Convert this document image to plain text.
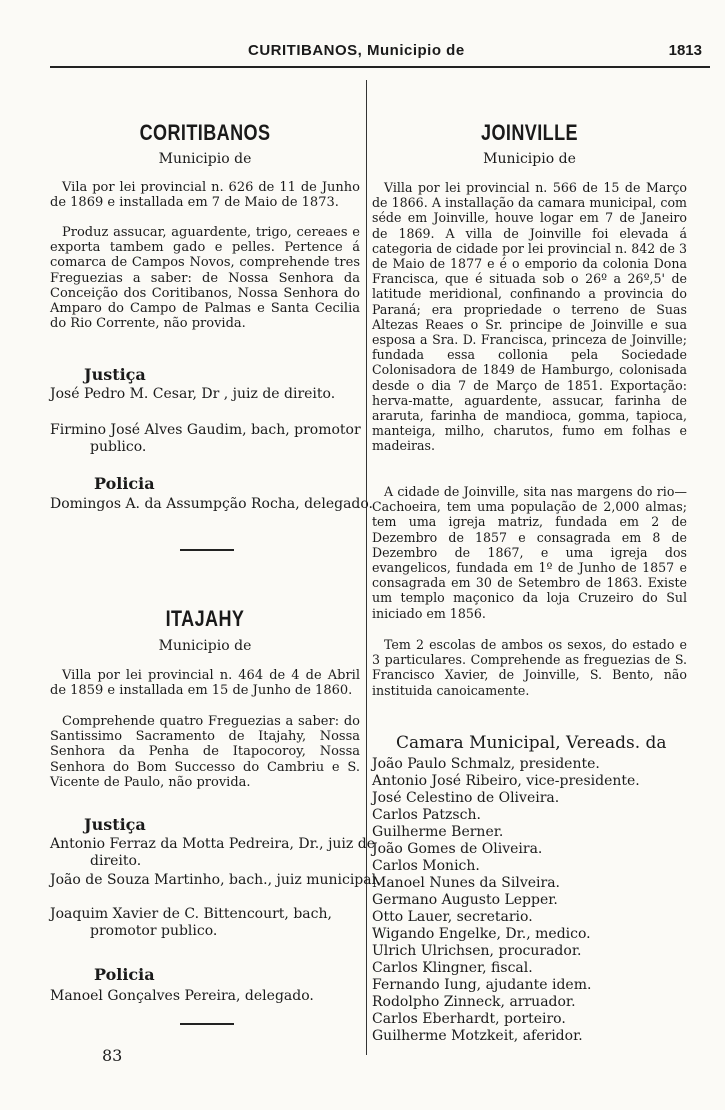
CURITIBANOS, Municipio de	1813
CORITIBANOS
Municipio de
Vila por lei provincial n. 626 de 11 de Junho de 1869 e installada em 7 de Maio de 1873.
Produz assucar, aguardente, trigo, cereaes e exporta tambem gado e pelles. Pertence á comarca de Campos Novos, comprehende tres Freguezias a saber: de Nossa Senhora da Conceição dos Coritibanos, Nossa Senhora do Amparo do Campo de Palmas e Santa Cecilia do Rio Corrente, não provida.
Justiça
José Pedro M. Cesar, Dr , juiz de direito.
Firmino José Alves Gaudim, bach, promotor publico.
Policia
Domingos A. da Assumpção Rocha, delegado.
ITAJAHY
Municipio de
Villa por lei provincial n. 464 de 4 de Abril de 1859 e installada em 15 de Junho de 1860.
Comprehende quatro Freguezias a saber: do Santissimo Sacramento de Itajahy, Nossa Senhora da Penha de Itapocoroy, Nossa Senhora do Bom Successo do Cambriu e S. Vicente de Paulo, não provida.
Justiça
Antonio Ferraz da Motta Pedreira, Dr., juiz de direito.
João de Souza Martinho, bach., juiz municipal.
Joaquim Xavier de C. Bittencourt, bach, promotor publico.
Policia
Manoel Gonçalves Pereira, delegado.
83
JOINVILLE
Municipio de
Villa por lei provincial n. 566 de 15 de Março de 1866. A installação da camara municipal, com séde em Joinville, houve logar em 7 de Janeiro de 1869. A villa de Joinville foi elevada á categoria de cidade por lei provincial n. 842 de 3 de Maio de 1877 e é o emporio da colonia Dona Francisca, que é situada sob o 26º a 26º,5' de latitude meridional, confinando a provincia do Paraná; era propriedade o terreno de Suas Altezas Reaes o Sr. principe de Joinville e sua esposa a Sra. D. Francisca, princeza de Joinville; fundada essa collonia pela Sociedade Colonisadora de 1849 de Hamburgo, colonisada desde o dia 7 de Março de 1851. Exportação: herva-matte, aguardente, assucar, farinha de araruta, farinha de mandioca, gomma, tapioca, manteiga, milho, charutos, fumo em folhas e madeiras.
A cidade de Joinville, sita nas margens do rio—Cachoeira, tem uma população de 2,000 almas; tem uma igreja matriz, fundada em 2 de Dezembro de 1857 e consagrada em 8 de Dezembro de 1867, e uma igreja dos evangelicos, fundada em 1º de Junho de 1857 e consagrada em 30 de Setembro de 1863. Existe um templo maçonico da loja Cruzeiro do Sul iniciado em 1856.
Tem 2 escolas de ambos os sexos, do estado e 3 particulares. Comprehende as freguezias de S. Francisco Xavier, de Joinville, S. Bento, não instituida canoicamente.
Camara Municipal, Vereads. da
João Paulo Schmalz, presidente.
Antonio José Ribeiro, vice-presidente.
José Celestino de Oliveira.
Carlos Patzsch.
Guilherme Berner.
João Gomes de Oliveira.
Carlos Monich.
Manoel Nunes da Silveira.
Germano Augusto Lepper.
Otto Lauer, secretario.
Wigando Engelke, Dr., medico.
Ulrich Ulrichsen, procurador.
Carlos Klingner, fiscal.
Fernando Iung, ajudante idem.
Rodolpho Zinneck, arruador.
Carlos Eberhardt, porteiro.
Guilherme Motzkeit, aferidor.
